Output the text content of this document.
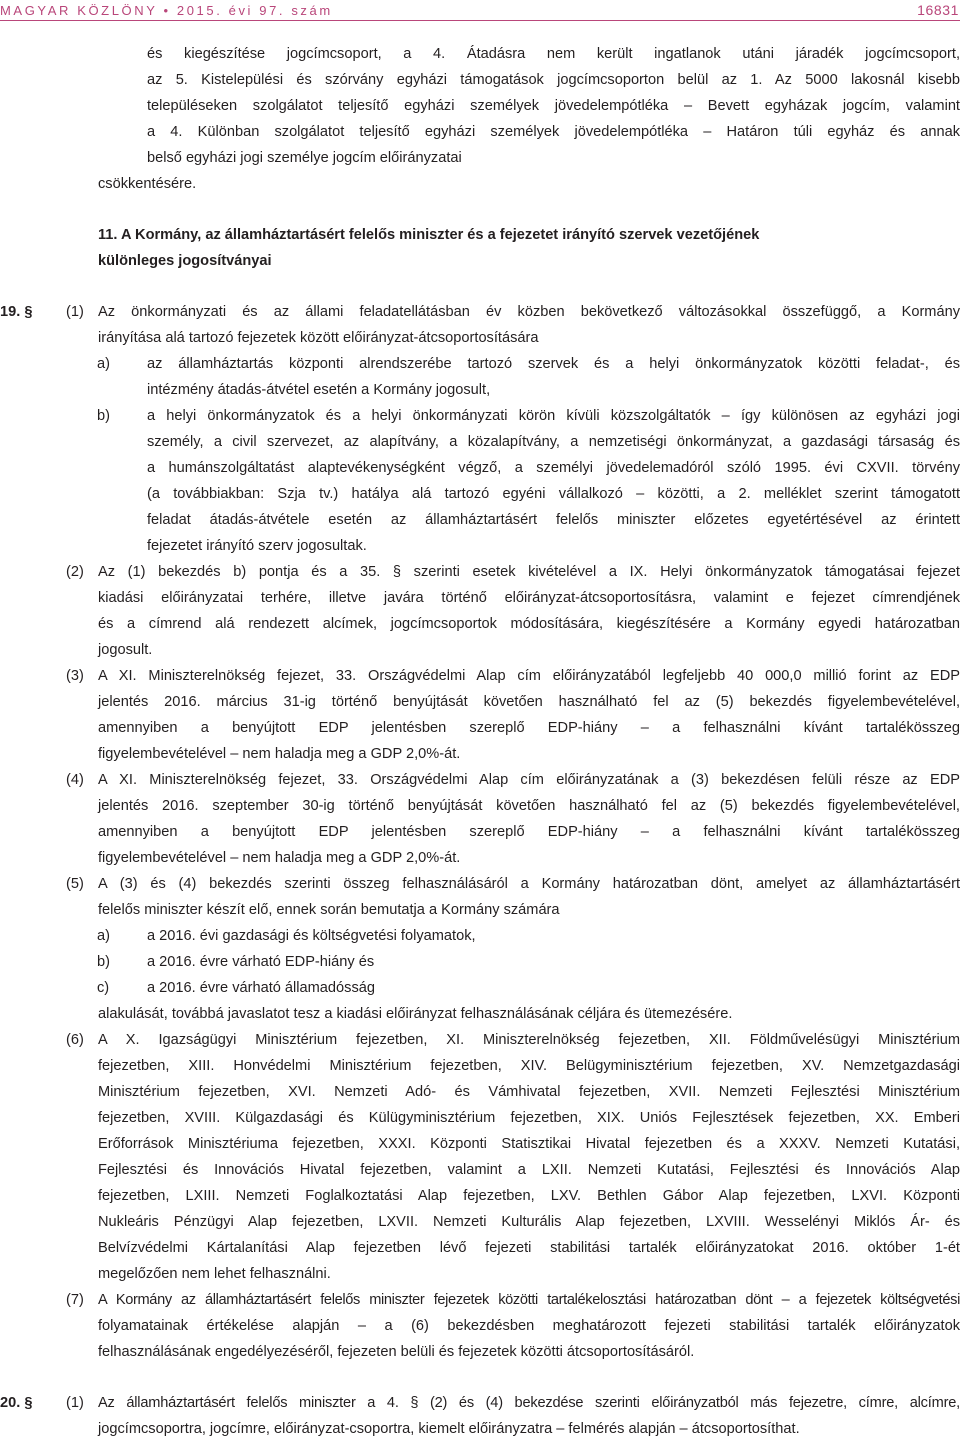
MAGYAR KÖZLÖNY • 2015. évi 97. szám	16831
és kiegészítése jogcímcsoport, a 4. Átadásra nem került ingatlanok utáni járadék jogcímcsoport,
az 5. Kistelepülési és szórvány egyházi támogatások jogcímcsoporton belül az 1. Az 5000 lakosnál kisebb
településeken szolgálatot teljesítő egyházi személyek jövedelempótléka – Bevett egyházak jogcím, valamint
a 4. Különban szolgálatot teljesítő egyházi személyek jövedelempótléka – Határon túli egyház és annak
belső egyházi jogi személye jogcím előirányzatai
csökkentésére.
11. A Kormány, az államháztartásért felelős miniszter és a fejezetet irányító szervek vezetőjének
különleges jogosítványai
19. § (1) Az önkormányzati és az állami feladatellátásban év közben bekövetkező változásokkal összefüggő, a Kormány
irányítása alá tartozó fejezetek között előirányzat-átcsoportosítására
a)	az államháztartás központi alrendszerébe tartozó szervek és a helyi önkormányzatok közötti feladat-, és
intézmény átadás-átvétel esetén a Kormány jogosult,
b)	a helyi önkormányzatok és a helyi önkormányzati körön kívüli közszolgáltatók – így különösen az egyházi jogi
személy, a civil szervezet, az alapítvány, a közalapítvány, a nemzetiségi önkormányzat, a gazdasági társaság és
a humánszolgáltatást alaptevékenységként végző, a személyi jövedelemadóról szóló 1995. évi CXVII. törvény
(a továbbiakban: Szja tv.) hatálya alá tartozó egyéni vállalkozó – közötti, a 2. melléklet szerint támogatott
feladat átadás-átvétele esetén az államháztartásért felelős miniszter előzetes egyetértésével az érintett
fejezetet irányító szerv jogosultak.
(2) Az (1) bekezdés b) pontja és a 35. § szerinti esetek kivételével a IX. Helyi önkormányzatok támogatásai fejezet
kiadási előirányzatai terhére, illetve javára történő előirányzat-átcsoportosításra, valamint e fejezet címrendjének
és a címrend alá rendezett alcímek, jogcímcsoportok módosítására, kiegészítésére a Kormány egyedi határozatban
jogosult.
(3) A XI. Miniszterelnökség fejezet, 33. Országvédelmi Alap cím előirányzatából legfeljebb 40 000,0 millió forint az EDP
jelentés 2016. március 31-ig történő benyújtását követően használható fel az (5) bekezdés figyelembevételével,
amennyiben a benyújtott EDP jelentésben szereplő EDP-hiány – a felhasználni kívánt tartalékösszeg
figyelembevételével – nem haladja meg a GDP 2,0%-át.
(4) A XI. Miniszterelnökség fejezet, 33. Országvédelmi Alap cím előirányzatának a (3) bekezdésen felüli része az EDP
jelentés 2016. szeptember 30-ig történő benyújtását követően használható fel az (5) bekezdés figyelembevételével,
amennyiben a benyújtott EDP jelentésben szereplő EDP-hiány – a felhasználni kívánt tartalékösszeg
figyelembevételével – nem haladja meg a GDP 2,0%-át.
(5) A (3) és (4) bekezdés szerinti összeg felhasználásáról a Kormány határozatban dönt, amelyet az államháztartásért
felelős miniszter készít elő, ennek során bemutatja a Kormány számára
a)	a 2016. évi gazdasági és költségvetési folyamatok,
b)	a 2016. évre várható EDP-hiány és
c)	a 2016. évre várható államadósság
alakulását, továbbá javaslatot tesz a kiadási előirányzat felhasználásának céljára és ütemezésére.
(6) A X. Igazságügyi Minisztérium fejezetben, XI. Miniszterelnökség fejezetben, XII. Földművelésügyi Minisztérium
fejezetben, XIII. Honvédelmi Minisztérium fejezetben, XIV. Belügyminisztérium fejezetben, XV. Nemzetgazdasági
Minisztérium fejezetben, XVI. Nemzeti Adó- és Vámhivatal fejezetben, XVII. Nemzeti Fejlesztési Minisztérium
fejezetben, XVIII. Külgazdasági és Külügyminisztérium fejezetben, XIX. Uniós Fejlesztések fejezetben, XX. Emberi
Erőforrások Minisztériuma fejezetben, XXXI. Központi Statisztikai Hivatal fejezetben és a XXXV. Nemzeti Kutatási,
Fejlesztési és Innovációs Hivatal fejezetben, valamint a LXII. Nemzeti Kutatási, Fejlesztési és Innovációs Alap
fejezetben, LXIII. Nemzeti Foglalkoztatási Alap fejezetben, LXV. Bethlen Gábor Alap fejezetben, LXVI. Központi
Nukleáris Pénzügyi Alap fejezetben, LXVII. Nemzeti Kulturális Alap fejezetben, LXVIII. Wesselényi Miklós Ár- és
Belvízvédelmi Kártalanítási Alap fejezetben lévő fejezeti stabilitási tartalék előirányzatokat 2016. október 1-ét
megelőzően nem lehet felhasználni.
(7) A Kormány az államháztartásért felelős miniszter fejezetek közötti tartalékelosztási határozatban dönt – a fejezetek költségvetési
folyamatainak értékelése alapján – a (6) bekezdésben meghatározott fejezeti stabilitási tartalék előirányzatok
felhasználásának engedélyezéséről, fejezeten belüli és fejezetek közötti átcsoportosításáról.
20. § (1) Az államháztartásért felelős miniszter a 4. § (2) és (4) bekezdése szerinti előirányzatból más fejezetre, címre, alcímre,
jogcímcsoportra, jogcímre, előirányzat-csoportra, kiemelt előirányzatra – felmérés alapján – átcsoportosíthat.
